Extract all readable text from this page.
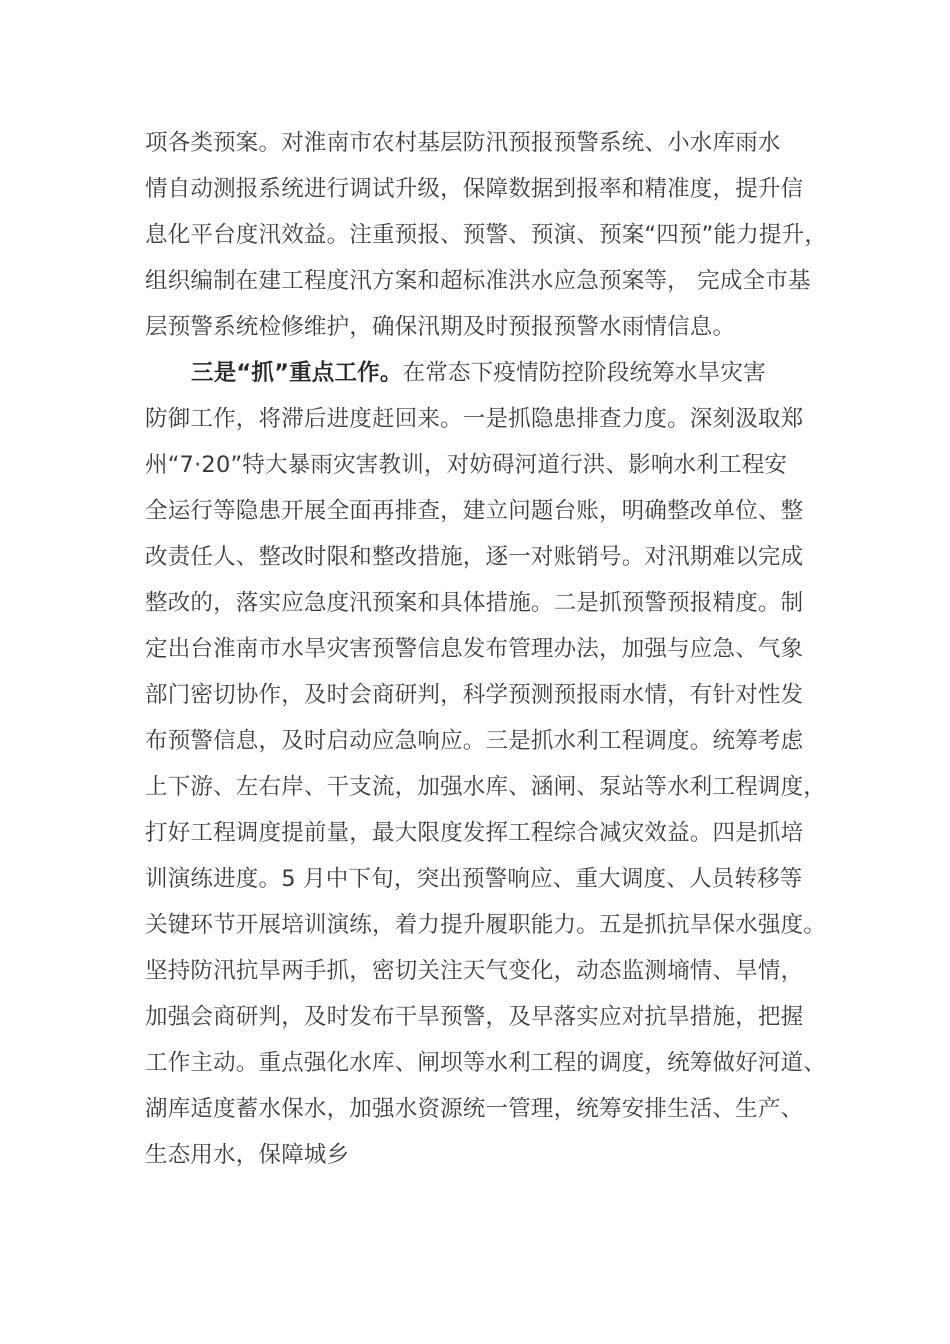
项各类预案。对淮南市农村基层防汛预报预警系统、小水库雨水
情自动测报系统进行调试升级，保障数据到报率和精准度，提升信
息化平台度汛效益。注重预报、预警、预演、预案“四预”能力提升，
组织编制在建工程度汛方案和超标准洪水应急预案等， 完成全市基
层预警系统检修维护，确保汛期及时预报预警水雨情信息。
三是“抓”重点工作。在常态下疫情防控阶段统筹水旱灾害
防御工作，将滞后进度赶回来。一是抓隐患排查力度。深刻汲取郑
州“7·20”特大暴雨灾害教训，对妨碍河道行洪、影响水利工程安
全运行等隐患开展全面再排查，建立问题台账，明确整改单位、整
改责任人、整改时限和整改措施，逐一对账销号。对汛期难以完成
整改的，落实应急度汛预案和具体措施。二是抓预警预报精度。制
定出台淮南市水旱灾害预警信息发布管理办法，加强与应急、气象
部门密切协作，及时会商研判，科学预测预报雨水情，有针对性发
布预警信息，及时启动应急响应。三是抓水利工程调度。统筹考虑
上下游、左右岸、干支流，加强水库、涵闸、泵站等水利工程调度，
打好工程调度提前量，最大限度发挥工程综合减灾效益。四是抓培
训演练进度。5 月中下旬，突出预警响应、重大调度、人员转移等
关键环节开展培训演练，着力提升履职能力。五是抓抗旱保水强度。
坚持防汛抗旱两手抓，密切关注天气变化，动态监测墒情、旱情，
加强会商研判，及时发布干旱预警，及早落实应对抗旱措施，把握
工作主动。重点强化水库、闸坝等水利工程的调度，统筹做好河道、
湖库适度蓄水保水，加强水资源统一管理，统筹安排生活、生产、
生态用水，保障城乡
